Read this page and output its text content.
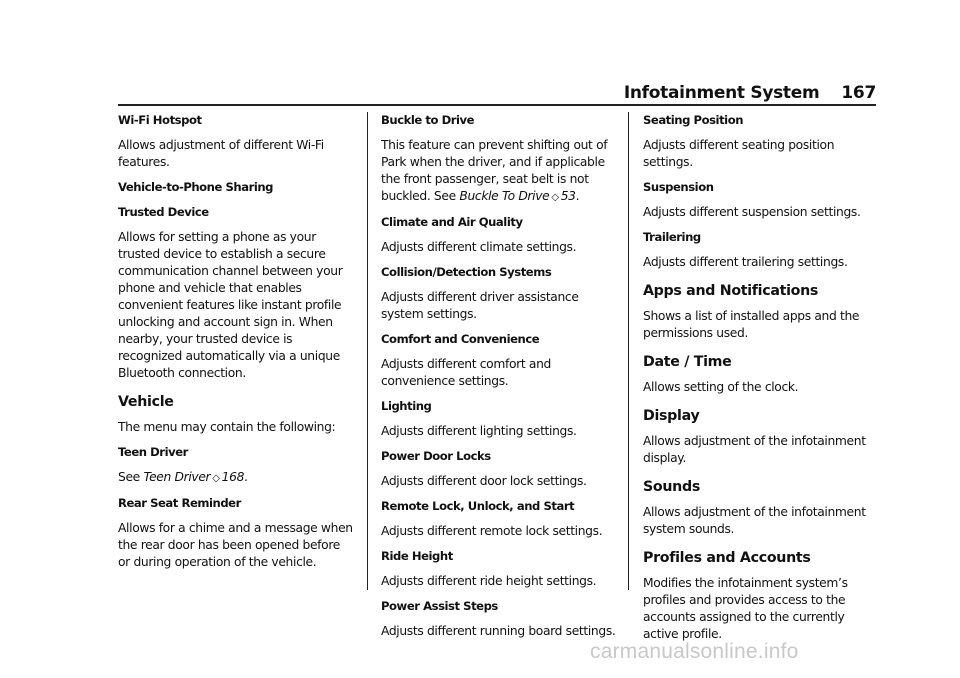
Infotainment System 167

Wi-Fi Hotspot

Allows adjustment of different Wi-Fi features.

Vehicle-to-Phone Sharing

Trusted Device

Allows for setting a phone as your trusted device to establish a secure communication channel between your phone and vehicle that enables convenient features like instant profile unlocking and account sign in. When nearby, your trusted device is recognized automatically via a unique Bluetooth connection.

Vehicle

The menu may contain the following:

Teen Driver

See Teen Driver ◇ 168.

Rear Seat Reminder

Allows for a chime and a message when the rear door has been opened before or during operation of the vehicle.

Buckle to Drive

This feature can prevent shifting out of Park when the driver, and if applicable the front passenger, seat belt is not buckled. See Buckle To Drive ◇ 53.

Climate and Air Quality

Adjusts different climate settings.

Collision/Detection Systems

Adjusts different driver assistance system settings.

Comfort and Convenience

Adjusts different comfort and convenience settings.

Lighting

Adjusts different lighting settings.

Power Door Locks

Adjusts different door lock settings.

Remote Lock, Unlock, and Start

Adjusts different remote lock settings.

Ride Height

Adjusts different ride height settings.

Power Assist Steps

Adjusts different running board settings.

Seating Position

Adjusts different seating position settings.

Suspension

Adjusts different suspension settings.

Trailering

Adjusts different trailering settings.

Apps and Notifications

Shows a list of installed apps and the permissions used.

Date / Time

Allows setting of the clock.

Display

Allows adjustment of the infotainment display.

Sounds

Allows adjustment of the infotainment system sounds.

Profiles and Accounts

Modifies the infotainment system’s profiles and provides access to the accounts assigned to the currently active profile.

carmanualsonline.info
